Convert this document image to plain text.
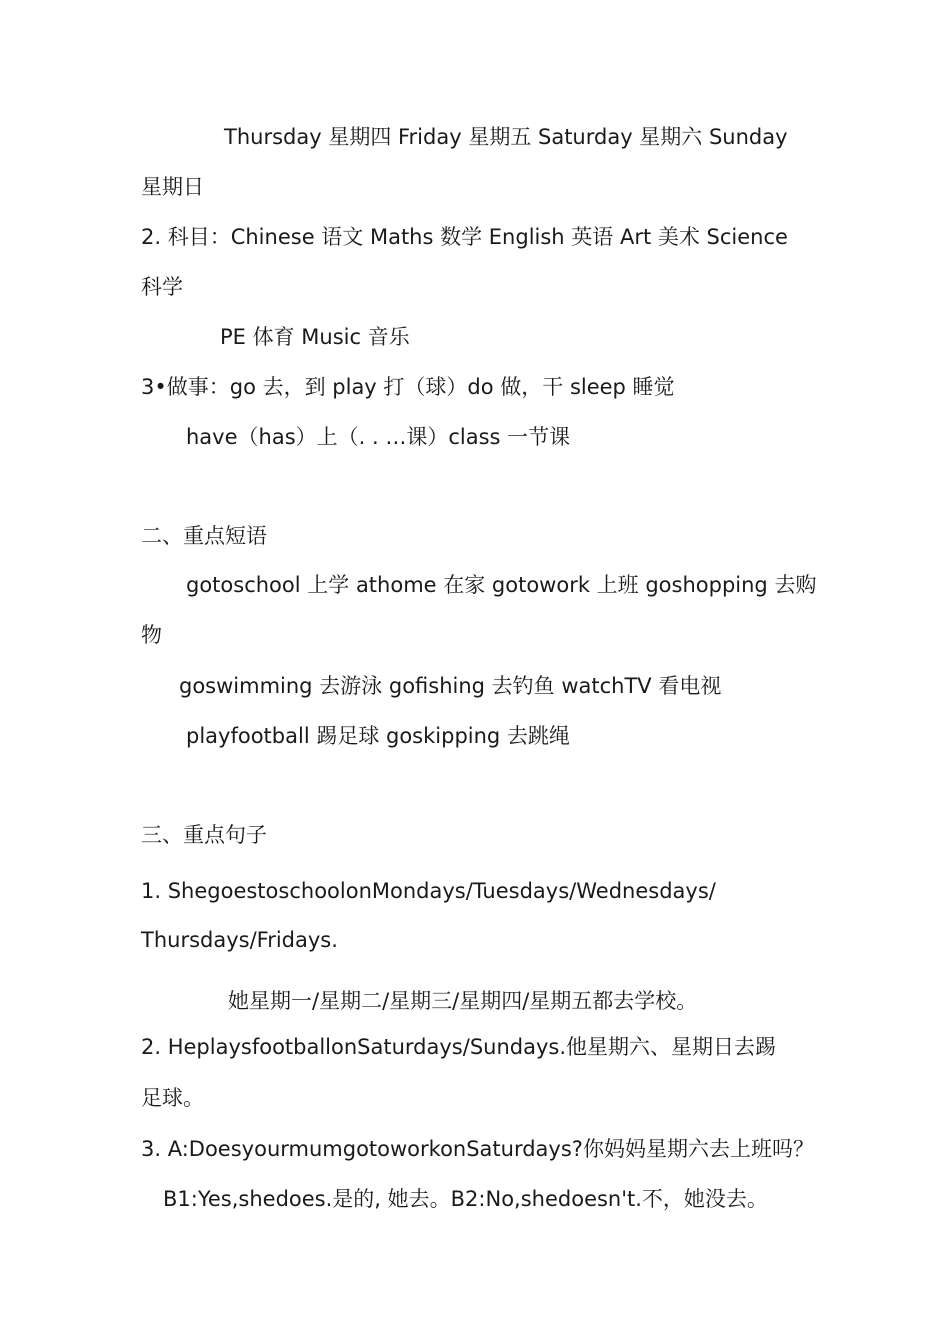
Thursday 星期四 Friday 星期五 Saturday 星期六 Sunday
星期日
2. 科目：Chinese 语文 Maths 数学 English 英语 Art 美术 Science
科学
PE 体育 Music 音乐
3•做事：go 去，到 play 打（球）do 做，干 sleep 睡觉
have（has）上（. . …课）class 一节课
二、重点短语
gotoschool 上学 athome 在家 gotowork 上班 goshopping 去购
物
goswimming 去游泳 gofishing 去钓鱼 watchTV 看电视
playfootball 踢足球 goskipping 去跳绳
三、重点句子
1. ShegoestoschoolonMondays/Tuesdays/Wednesdays/
Thursdays/Fridays.
她星期一/星期二/星期三/星期四/星期五都去学校。
2. HeplaysfootballonSaturdays/Sundays.他星期六、星期日去踢
足球。
3. A:DoesyourmumgotoworkonSaturdays?你妈妈星期六去上班吗？
B1:Yes,shedoes.是的, 她去。B2:No,shedoesn't.不，她没去。
